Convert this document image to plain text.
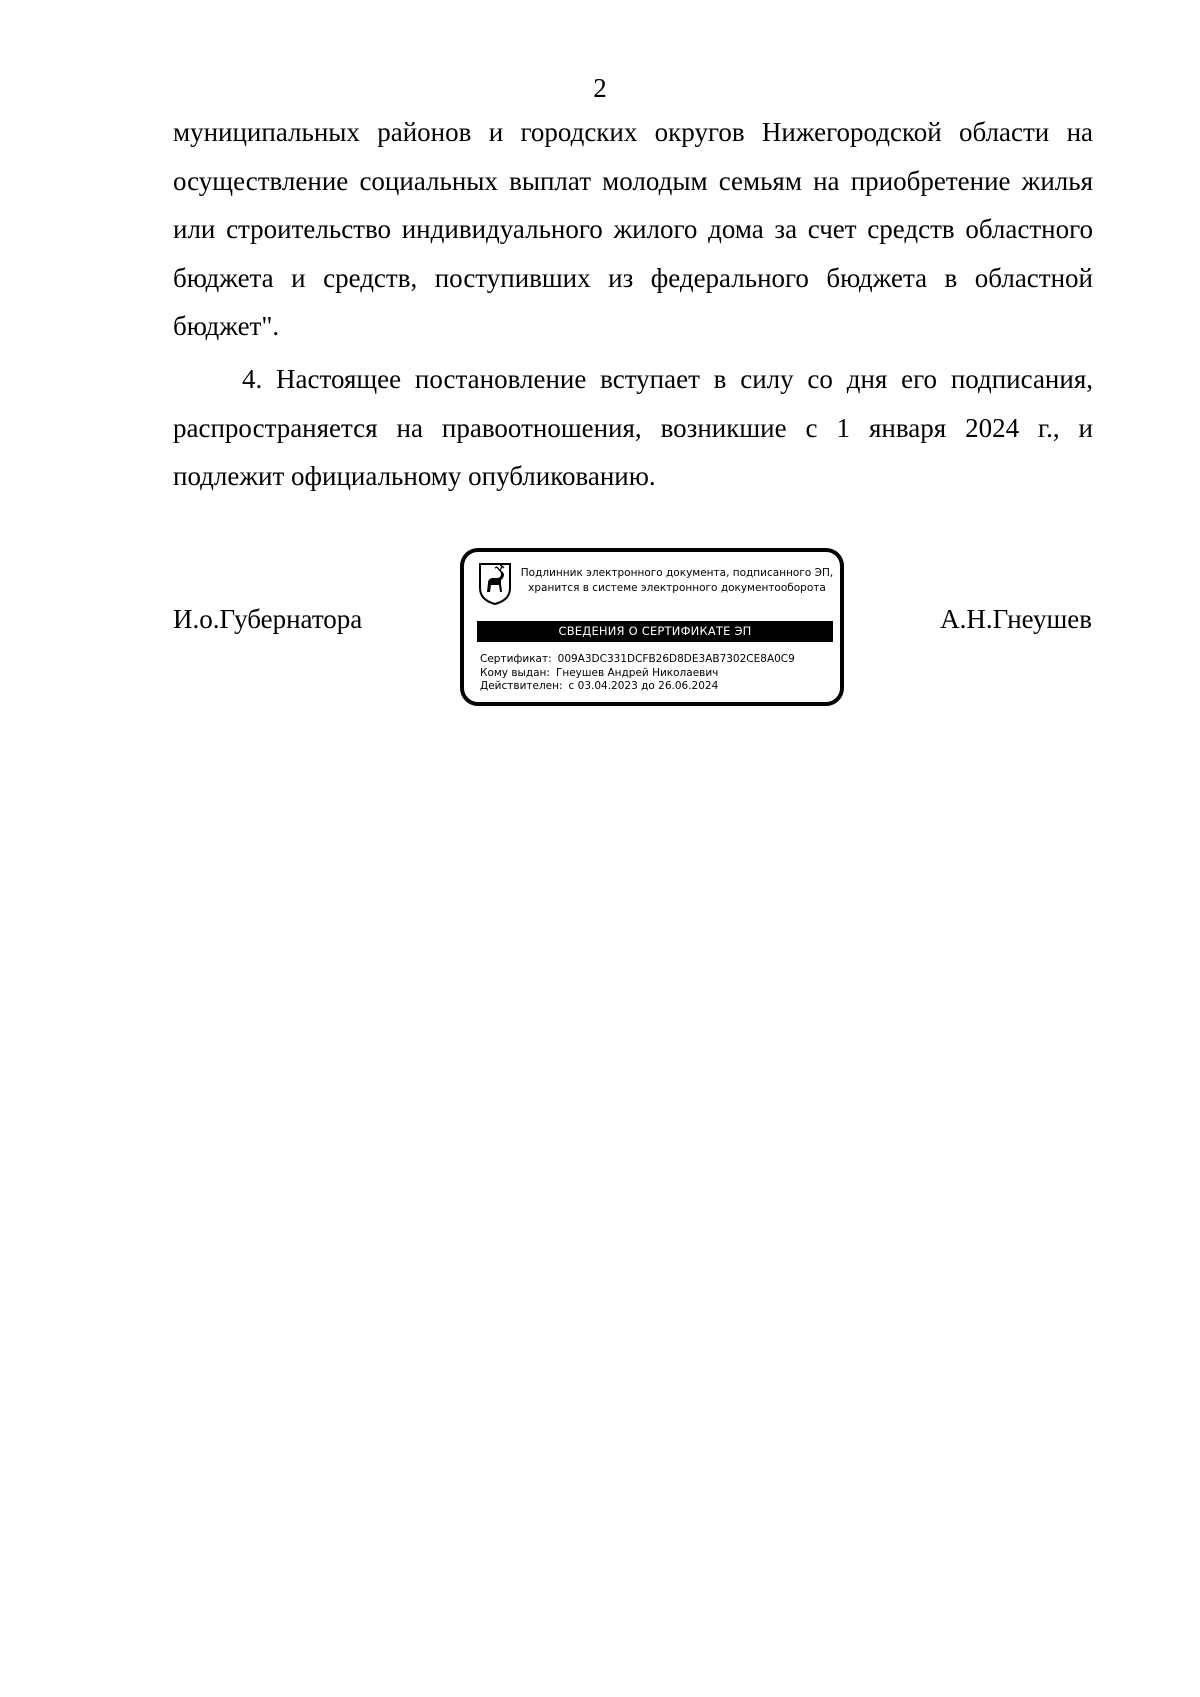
2

муниципальных районов и городских округов Нижегородской области на осуществление социальных выплат молодым семьям на приобретение жилья или строительство индивидуального жилого дома за счет средств областного бюджета и средств, поступивших из федерального бюджета в областной бюджет".

4. Настоящее постановление вступает в силу со дня его подписания, распространяется на правоотношения, возникшие с 1 января 2024 г., и подлежит официальному опубликованию.

И.о.Губернатора
Подлинник электронного документа, подписанного ЭП,
хранится в системе электронного документооборота
СВЕДЕНИЯ О СЕРТИФИКАТЕ ЭП
Сертификат: 009A3DC331DCFB26D8DE3AB7302CE8A0C9
Кому выдан: Гнеушев Андрей Николаевич
Действителен: с 03.04.2023 до 26.06.2024
А.Н.Гнеушев
